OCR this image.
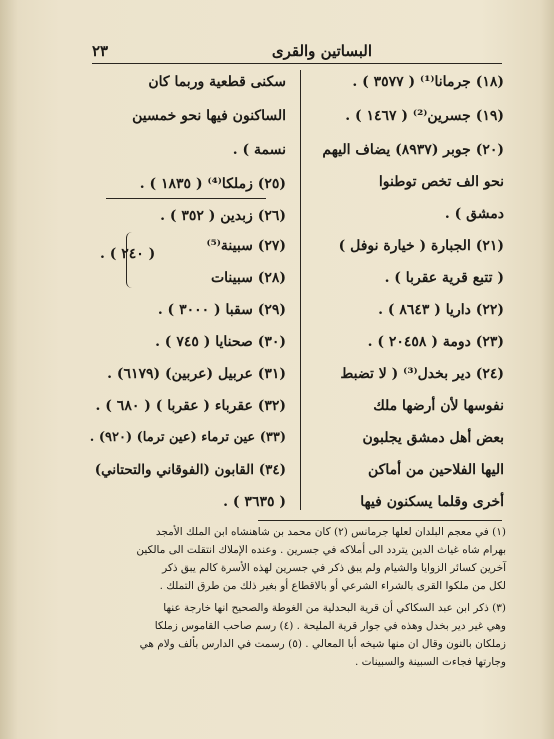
البساتين والقرى
٢٣
(١٨) جرمانا⁽¹⁾ ( ٣٥٧٧ ) .
(١٩) جسرين⁽²⁾ ( ١٤٦٧ ) .
(٢٠) جوبر (٨٩٣٧) يضاف اليهم
نحو الف تخص توطنوا
دمشق ) .
(٢١) الجبارة ( خيارة نوفل )
( تتبع قرية عقربا ) .
(٢٢) داريا ( ٨٦٤٣ ) .
(٢٣) دومة ( ٢٠٤٥٨ ) .
(٢٤) دير بخدل⁽³⁾ ( لا تضبط
نفوسها لأن أرضها ملك
بعض أهل دمشق يجلبون
اليها الفلاحين من أماكن
أخرى وقلما يسكنون فيها
سكنى قطعية وربما كان
الساكنون فيها نحو خمسين
نسمة ) .
(٢٥) زملكا⁽⁴⁾ ( ١٨٣٥ ) .
(٢٦) زبدين ( ٣٥٢ ) .
(٢٧) سبينة⁽⁵⁾
(٢٨) سبينات
( ٢٤٠ ) .
(٢٩) سقبا ( ٣٠٠٠ ) .
(٣٠) صحنايا ( ٧٤٥ ) .
(٣١) عربيل (عربين) (٦١٧٩) .
(٣٢) عقرباء ( عقربا ) ( ٦٨٠ ) .
(٣٣) عين ترماء (عين ترما) (٩٢٠) .
(٣٤) القابون (الفوقاني والتحتاني)
( ٣٦٣٥ ) .
(١) في معجم البلدان لعلها جرمانس (٢) كان محمد بن شاهنشاه ابن الملك الأمجد
بهرام شاه غياث الدين يتردد الى أملاكه في جسرين . وعنده الإملاك انتقلت الى مالكين
آخرين كسائر الزوايا والشيام ولم يبق ذكر في جسرين لهذه الأسرة كالم يبق ذكر
لكل من ملكوا القرى بالشراء الشرعي أو بالاقطاع أو بغير ذلك من طرق التملك .
(٣) ذكر ابن عبد السكاكي أن قرية البحدلية من الغوطة والصحيح انها خارجة عنها
وهي غير دير بخدل وهذه في جوار قرية المليحة . (٤) رسم صاحب القاموس زملكا
زملكان بالنون وقال ان منها شيخه أبا المعالي . (٥) رسمت في الدارس بألف ولام هي
وجارتها فجاءت السبينة والسبينات .
